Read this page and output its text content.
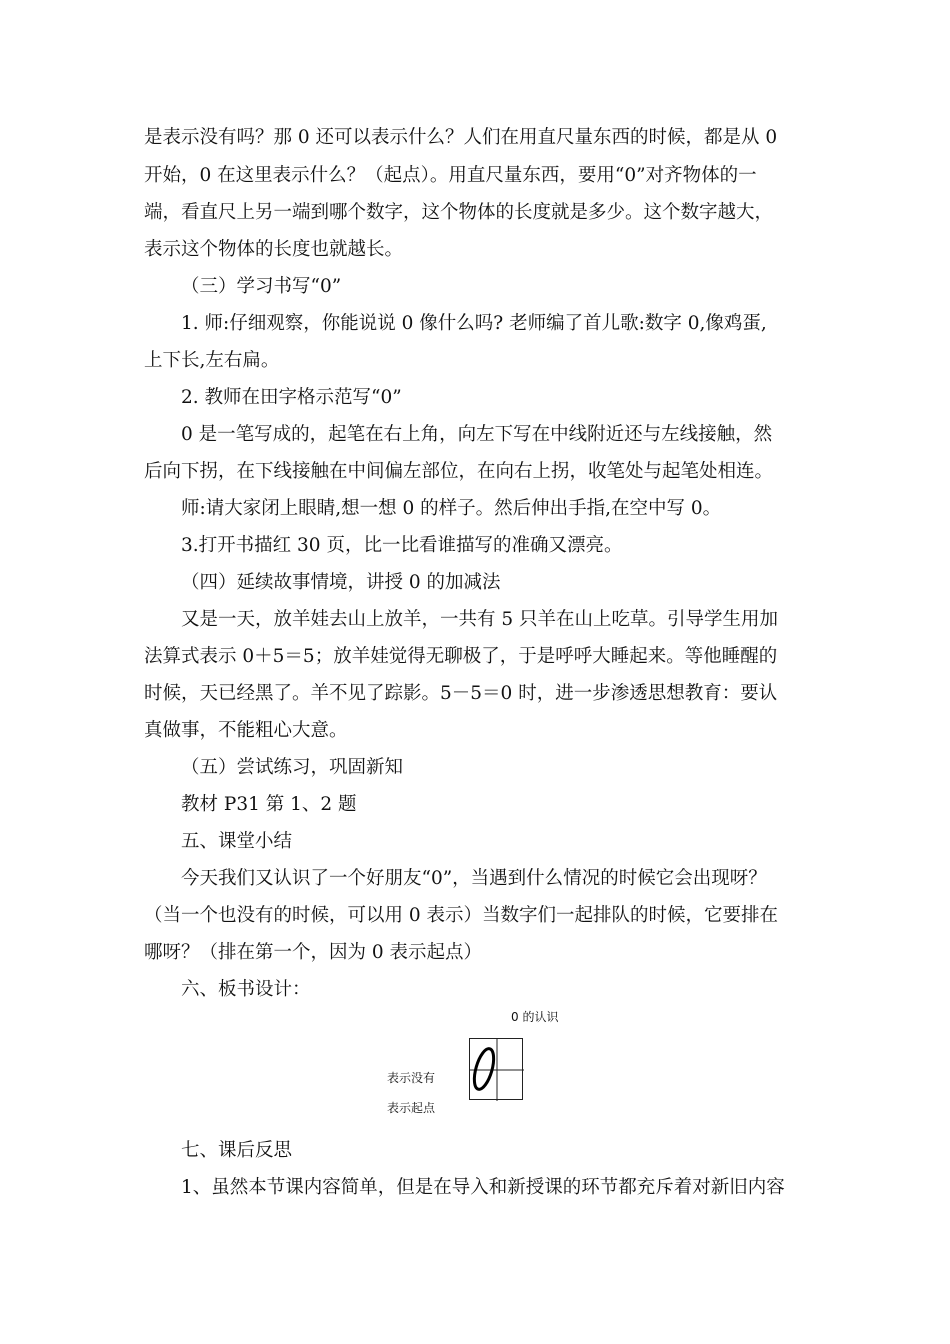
是表示没有吗？那 0 还可以表示什么？人们在用直尺量东西的时候，都是从 0
开始，0 在这里表示什么？（起点）。用直尺量东西，要用“0”对齐物体的一
端，看直尺上另一端到哪个数字，这个物体的长度就是多少。这个数字越大，
表示这个物体的长度也就越长。
（三）学习书写“0”
1. 师:仔细观察，你能说说 0 像什么吗? 老师编了首儿歌:数字 0,像鸡蛋,
上下长,左右扁。
2. 教师在田字格示范写“0”
0 是一笔写成的，起笔在右上角，向左下写在中线附近还与左线接触，然
后向下拐，在下线接触在中间偏左部位，在向右上拐，收笔处与起笔处相连。
师:请大家闭上眼睛,想一想 0 的样子。然后伸出手指,在空中写 0。
3.打开书描红 30 页，比一比看谁描写的准确又漂亮。
（四）延续故事情境，讲授 0 的加减法
又是一天，放羊娃去山上放羊，一共有 5 只羊在山上吃草。引导学生用加
法算式表示 0＋5＝5；放羊娃觉得无聊极了，于是呼呼大睡起来。等他睡醒的
时候，天已经黑了。羊不见了踪影。5－5＝0 时，进一步渗透思想教育：要认
真做事，不能粗心大意。
（五）尝试练习，巩固新知
教材 P31 第 1、2 题
五、课堂小结
今天我们又认识了一个好朋友“0”，当遇到什么情况的时候它会出现呀？
（当一个也没有的时候，可以用 0 表示）当数字们一起排队的时候，它要排在
哪呀？（排在第一个，因为 0 表示起点）
六、板书设计：
0 的认识
表示没有
表示起点
七、课后反思
1、虽然本节课内容简单，但是在导入和新授课的环节都充斥着对新旧内容
